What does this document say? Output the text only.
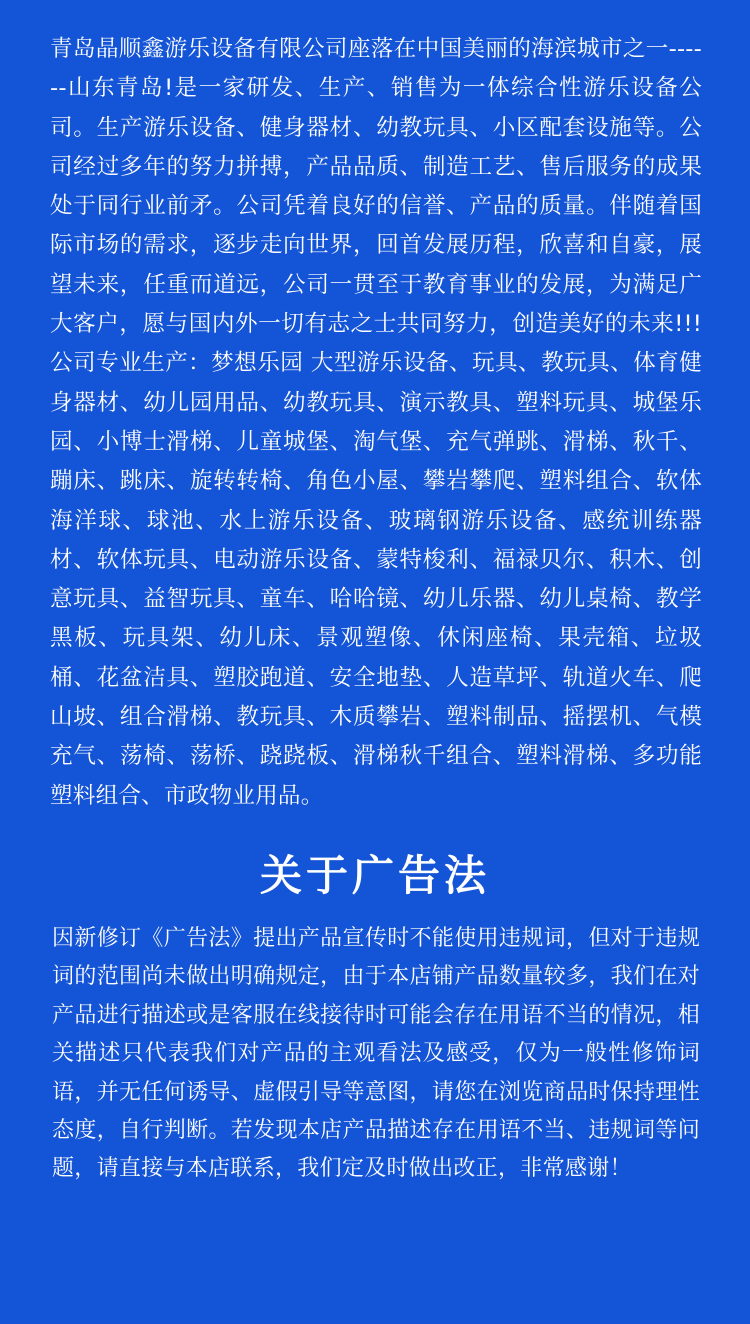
青岛晶顺鑫游乐设备有限公司座落在中国美丽的海滨城市之一------山东青岛!是一家研发、生产、销售为一体综合性游乐设备公司。生产游乐设备、健身器材、幼教玩具、小区配套设施等。公司经过多年的努力拼搏，产品品质、制造工艺、售后服务的成果处于同行业前矛。公司凭着良好的信誉、产品的质量。伴随着国际市场的需求，逐步走向世界，回首发展历程，欣喜和自豪，展望未来，任重而道远，公司一贯至于教育事业的发展，为满足广大客户，愿与国内外一切有志之士共同努力，创造美好的未来!!!公司专业生产：梦想乐园 大型游乐设备、玩具、教玩具、体育健身器材、幼儿园用品、幼教玩具、演示教具、塑料玩具、城堡乐园、小博士滑梯、儿童城堡、淘气堡、充气弹跳、滑梯、秋千、蹦床、跳床、旋转转椅、角色小屋、攀岩攀爬、塑料组合、软体海洋球、球池、水上游乐设备、玻璃钢游乐设备、感统训练器材、软体玩具、电动游乐设备、蒙特梭利、福禄贝尔、积木、创意玩具、益智玩具、童车、哈哈镜、幼儿乐器、幼儿桌椅、教学黑板、玩具架、幼儿床、景观塑像、休闲座椅、果壳箱、垃圾桶、花盆洁具、塑胶跑道、安全地垫、人造草坪、轨道火车、爬山坡、组合滑梯、教玩具、木质攀岩、塑料制品、摇摆机、气模充气、荡椅、荡桥、跷跷板、滑梯秋千组合、塑料滑梯、多功能塑料组合、市政物业用品。

关于广告法

因新修订《广告法》提出产品宣传时不能使用违规词，但对于违规词的范围尚未做出明确规定，由于本店铺产品数量较多，我们在对产品进行描述或是客服在线接待时可能会存在用语不当的情况，相关描述只代表我们对产品的主观看法及感受，仅为一般性修饰词语，并无任何诱导、虚假引导等意图，请您在浏览商品时保持理性态度，自行判断。若发现本店产品描述存在用语不当、违规词等问题，请直接与本店联系，我们定及时做出改正，非常感谢！
